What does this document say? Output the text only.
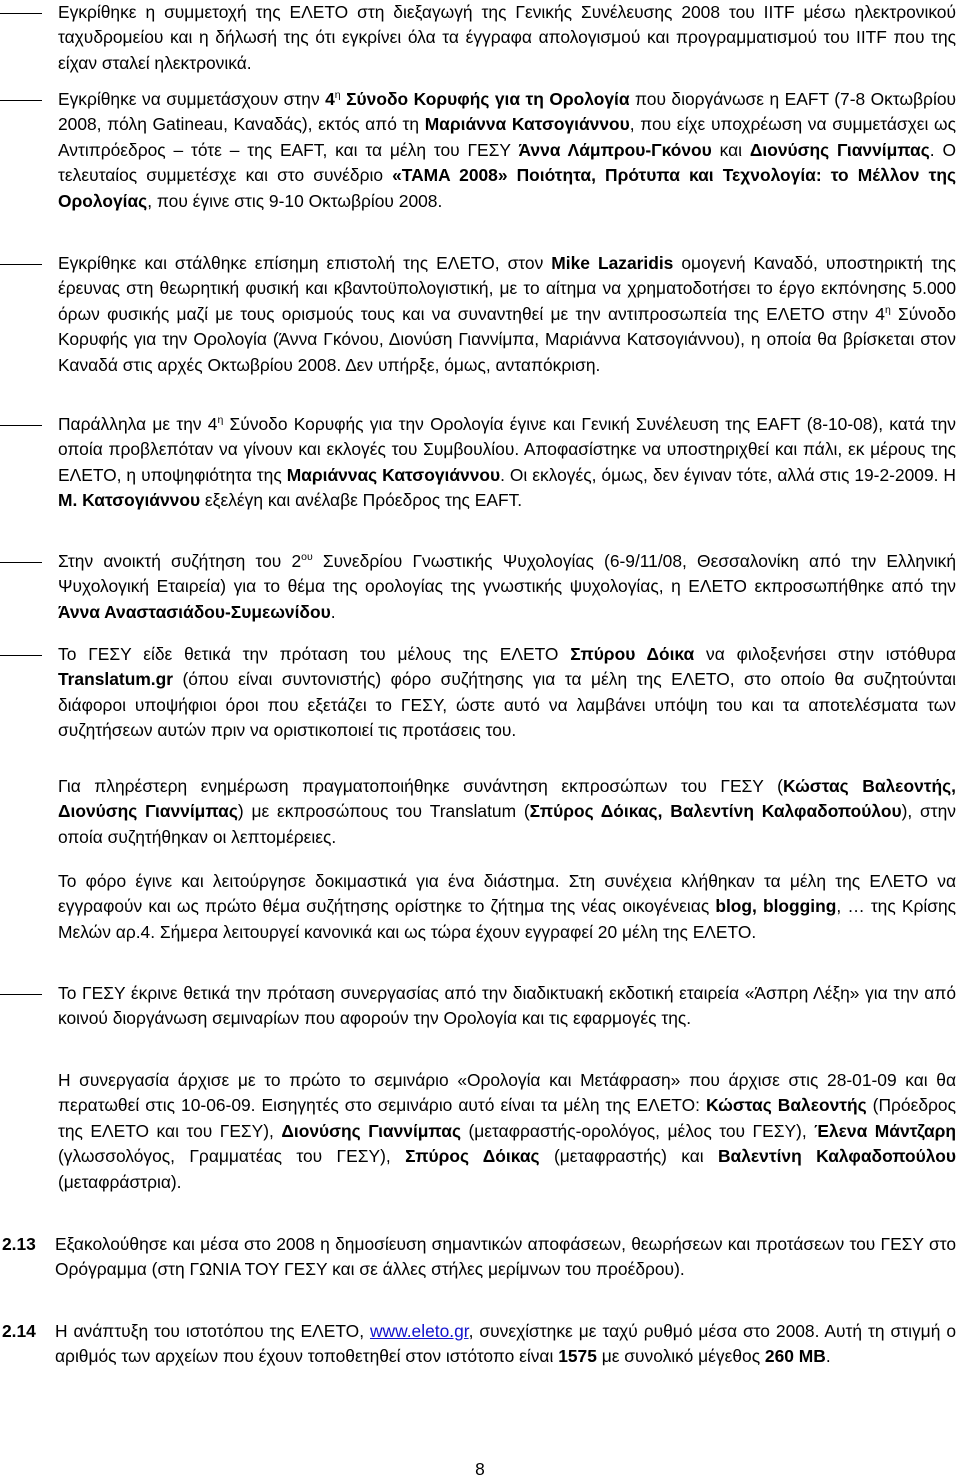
Εγκρίθηκε η συμμετοχή της ΕΛΕΤΟ στη διεξαγωγή της Γενικής Συνέλευσης 2008 του IITF μέσω ηλεκτρονικού ταχυδρομείου και η δήλωσή της ότι εγκρίνει όλα τα έγγραφα απολογισμού και προγραμματισμού του IITF που της είχαν σταλεί ηλεκτρονικά.
Εγκρίθηκε να συμμετάσχουν στην $4^\eta$ Σύνοδο Κορυφής για τη Ορολογία που διοργάνωσε η EAFT (7-8 Οκτωβρίου 2008, πόλη Gatineau, Καναδάς), εκτός από τη Μαριάννα Κατσογιάννου, που είχε υποχρέωση να συμμετάσχει ως Αντιπρόεδρος – τότε – της EAFT, και τα μέλη του ΓΕΣΥ Άννα Λάμπρου-Γκόνου και Διονύσης Γιαννίμπας. Ο τελευταίος συμμετέσχε και στο συνέδριο «TAMA 2008» Ποιότητα, Πρότυπα και Τεχνολογία: το Μέλλον της Ορολογίας, που έγινε στις 9-10 Οκτωβρίου 2008.
Εγκρίθηκε και στάλθηκε επίσημη επιστολή της ΕΛΕΤΟ, στον Mike Lazaridis ομογενή Καναδό, υποστηρικτή της έρευνας στη θεωρητική φυσική και κβαντοϋπολογιστική, με το αίτημα να χρηματοδοτήσει το έργο εκπόνησης 5.000 όρων φυσικής μαζί με τους ορισμούς τους και να συναντηθεί με την αντιπροσωπεία της ΕΛΕΤΟ στην $4^\eta$ Σύνοδο Κορυφής για την Ορολογία (Άννα Γκόνου, Διονύση Γιαννίμπα, Μαριάννα Κατσογιάννου), η οποία θα βρίσκεται στον Καναδά στις αρχές Οκτωβρίου 2008. Δεν υπήρξε, όμως, ανταπόκριση.
Παράλληλα με την $4^\eta$ Σύνοδο Κορυφής για την Ορολογία έγινε και Γενική Συνέλευση της EAFT (8-10-08), κατά την οποία προβλεπόταν να γίνουν και εκλογές του Συμβουλίου. Αποφασίστηκε να υποστηριχθεί και πάλι, εκ μέρους της ΕΛΕΤΟ, η υποψηφιότητα της Μαριάννας Κατσογιάννου. Οι εκλογές, όμως, δεν έγιναν τότε, αλλά στις 19-2-2009. Η Μ. Κατσογιάννου εξελέγη και ανέλαβε Πρόεδρος της EAFT.
Στην ανοικτή συζήτηση του $2^{o\upsilon}$ Συνεδρίου Γνωστικής Ψυχολογίας (6-9/11/08, Θεσσαλονίκη από την Ελληνική Ψυχολογική Εταιρεία) για το θέμα της ορολογίας της γνωστικής ψυχολογίας, η ΕΛΕΤΟ εκπροσωπήθηκε από την Άννα Αναστασιάδου-Συμεωνίδου.
Το ΓΕΣΥ είδε θετικά την πρόταση του μέλους της ΕΛΕΤΟ Σπύρου Δόικα να φιλοξενήσει στην ιστόθυρα Translatum.gr (όπου είναι συντονιστής) φόρο συζήτησης για τα μέλη της ΕΛΕΤΟ, στο οποίο θα συζητούνται διάφοροι υποψήφιοι όροι που εξετάζει το ΓΕΣΥ, ώστε αυτό να λαμβάνει υπόψη του και τα αποτελέσματα των συζητήσεων αυτών πριν να οριστικοποιεί τις προτάσεις του.
Για πληρέστερη ενημέρωση πραγματοποιήθηκε συνάντηση εκπροσώπων του ΓΕΣΥ (Κώστας Βαλεοντής, Διονύσης Γιαννίμπας) με εκπροσώπους του Translatum (Σπύρος Δόικας, Βαλεντίνη Καλφαδοπούλου), στην οποία συζητήθηκαν οι λεπτομέρειες.
Το φόρο έγινε και λειτούργησε δοκιμαστικά για ένα διάστημα. Στη συνέχεια κλήθηκαν τα μέλη της ΕΛΕΤΟ να εγγραφούν και ως πρώτο θέμα συζήτησης ορίστηκε το ζήτημα της νέας οικογένειας blog, blogging, … της Κρίσης Μελών αρ.4. Σήμερα λειτουργεί κανονικά και ως τώρα έχουν εγγραφεί 20 μέλη της ΕΛΕΤΟ.
Το ΓΕΣΥ έκρινε θετικά την πρόταση συνεργασίας από την διαδικτυακή εκδοτική εταιρεία «Άσπρη Λέξη» για την από κοινού διοργάνωση σεμιναρίων που αφορούν την Ορολογία και τις εφαρμογές της.
Η συνεργασία άρχισε με το πρώτο το σεμινάριο «Ορολογία και Μετάφραση» που άρχισε στις 28-01-09 και θα περατωθεί στις 10-06-09. Εισηγητές στο σεμινάριο αυτό είναι τα μέλη της ΕΛΕΤΟ: Κώστας Βαλεοντής (Πρόεδρος της ΕΛΕΤΟ και του ΓΕΣΥ), Διονύσης Γιαννίμπας (μεταφραστής-ορολόγος, μέλος του ΓΕΣΥ), Έλενα Μάντζαρη (γλωσσολόγος, Γραμματέας του ΓΕΣΥ), Σπύρος Δόικας (μεταφραστής) και Βαλεντίνη Καλφαδοπούλου (μεταφράστρια).
2.13 Εξακολούθησε και μέσα στο 2008 η δημοσίευση σημαντικών αποφάσεων, θεωρήσεων και προτάσεων του ΓΕΣΥ στο Ορόγραμμα (στη ΓΩΝΙΑ ΤΟΥ ΓΕΣΥ και σε άλλες στήλες μερίμνων του προέδρου).
2.14 Η ανάπτυξη του ιστοτόπου της ΕΛΕΤΟ, www.eleto.gr, συνεχίστηκε με ταχύ ρυθμό μέσα στο 2008. Αυτή τη στιγμή ο αριθμός των αρχείων που έχουν τοποθετηθεί στον ιστότοπο είναι 1575 με συνολικό μέγεθος 260 MB.
8
